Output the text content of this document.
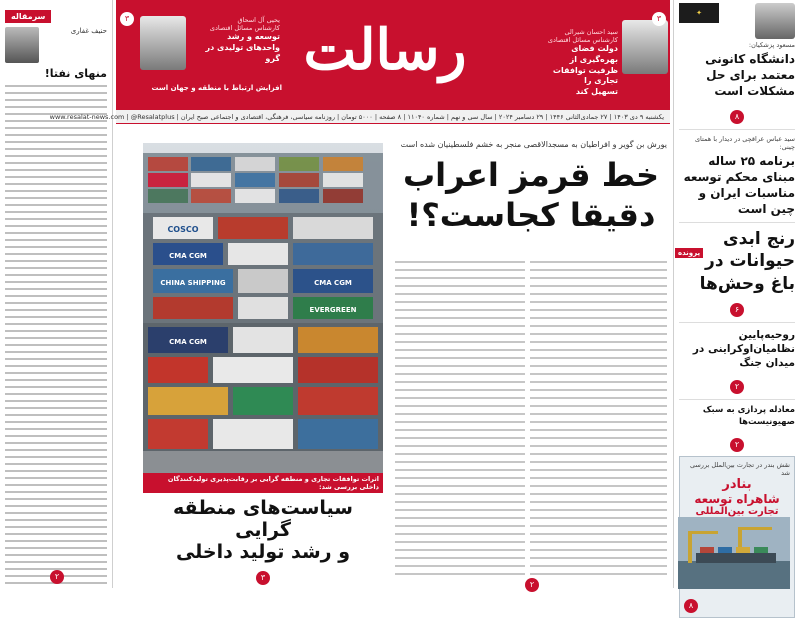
سرمقاله
حنیف غفاری
منهای نفتا!
۲
یحیی آل اسحاق
کارشناس مسائل اقتصادی
توسعه و رشد
واحدهای تولیدی در گرو
افزایش ارتباط با منطقه و جهان است
۳	رسالت	سید احسان شیرالی
کارشناس مسائل اقتصادی
دولت فضای بهره‌گیری از
ظرفیت توافقات تجاری را
تسهیل کند
۳
یکشنبه ۹ دی ۱۴۰۳ | ۲۷ جمادی‌الثانی ۱۴۴۶ | ۲۹ دسامبر ۲۰۲۴ | سال سی و نهم | شماره ۱۱۰۴۰ | ۸ صفحه | ۵۰۰۰ تومان | روزنامه سیاسی، فرهنگی، اقتصادی و اجتماعی صبح ایران | www.resalat-news.com | @Resalatplus
✦
مسعود پزشکیان:
دانشگاه کانونی معتمد برای حل مشکلات است
۸
سید عباس عراقچی در دیدار با همتای چینی:
برنامه ۲۵ ساله مبنای محکم توسعه مناسبات ایران و چین است
رنج ابدی حیوانات در باغ وحش‌ها
پرونده
۶
روحیه‌پایین نظامیان‌اوکراینی در میدان جنگ
۲
معادله پردازی به سبک صهیونیست‌ها
۲
نقش بندر در تجارت بین‌الملل بررسی شد
بنادر
شاهراه توسعه
تجارت بین‌المللی
۸
COSCO
CMA CGM
CHINA SHIPPING	CMA CGM
EVERGREEN
CMA CGM
اثرات توافقات تجاری و منطقه گرایی بر رقابت‌پذیری تولیدکنندگان داخلی بررسی شد:
سیاست‌های منطقه گرایی
و رشد تولید داخلی
۳
یورش بن گویر و افراطیان به مسجدالاقصی منجر به خشم فلسطینیان شده است
خط قرمز اعراب
دقیقا کجاست؟!
۲
